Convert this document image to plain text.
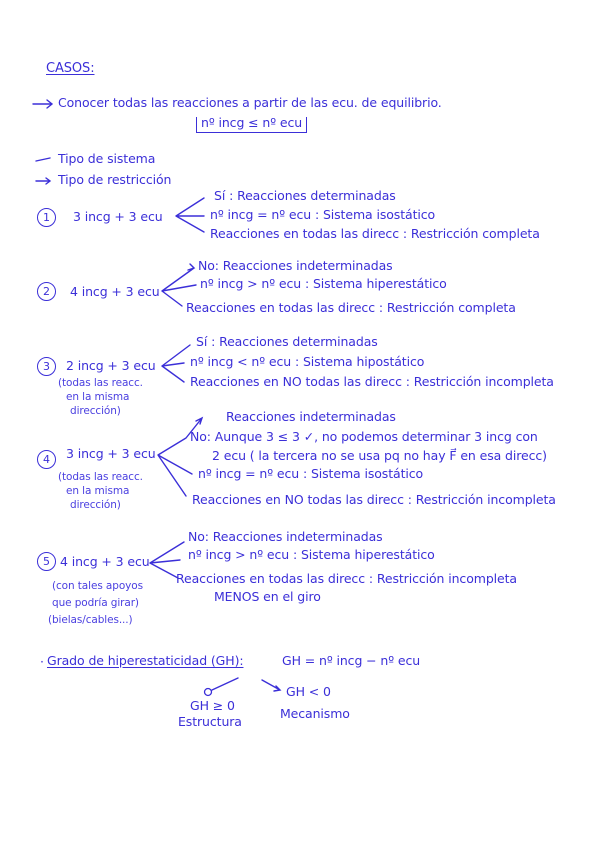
CASOS:
Conocer todas las reacciones a partir de las ecu. de equilibrio.
nº incg ≤ nº ecu
Tipo de sistema
Tipo de restricción
1	3 incg + 3 ecu
Sí : Reacciones determinadas
nº incg = nº ecu : Sistema isostático
Reacciones en todas las direcc : Restricción completa
2	4 incg + 3 ecu
No: Reacciones indeterminadas
nº incg > nº ecu : Sistema hiperestático
Reacciones en todas las direcc : Restricción completa
3	2 incg + 3 ecu
(todas las reacc.
en la misma
dirección)
Sí : Reacciones determinadas
nº incg < nº ecu : Sistema hipostático
Reacciones en NO todas las direcc : Restricción incompleta
4	3 incg + 3 ecu
(todas las reacc.
en la misma
dirección)
Reacciones indeterminadas
No: Aunque 3 ≤ 3 ✓, no podemos determinar 3 incg con
2 ecu ( la tercera no se usa pq no hay F⃗ en esa direcc)
nº incg = nº ecu : Sistema isostático
Reacciones en NO todas las direcc : Restricción incompleta
5 4 incg + 3 ecu
(con tales apoyos
que podría girar)
(bielas/cables...)
No: Reacciones indeterminadas
nº incg > nº ecu : Sistema hiperestático
Reacciones en todas las direcc : Restricción incompleta
MENOS en el giro
· Grado de hiperestaticidad (GH):	GH = nº incg − nº ecu
GH ≥ 0
Estructura
GH < 0
Mecanismo
